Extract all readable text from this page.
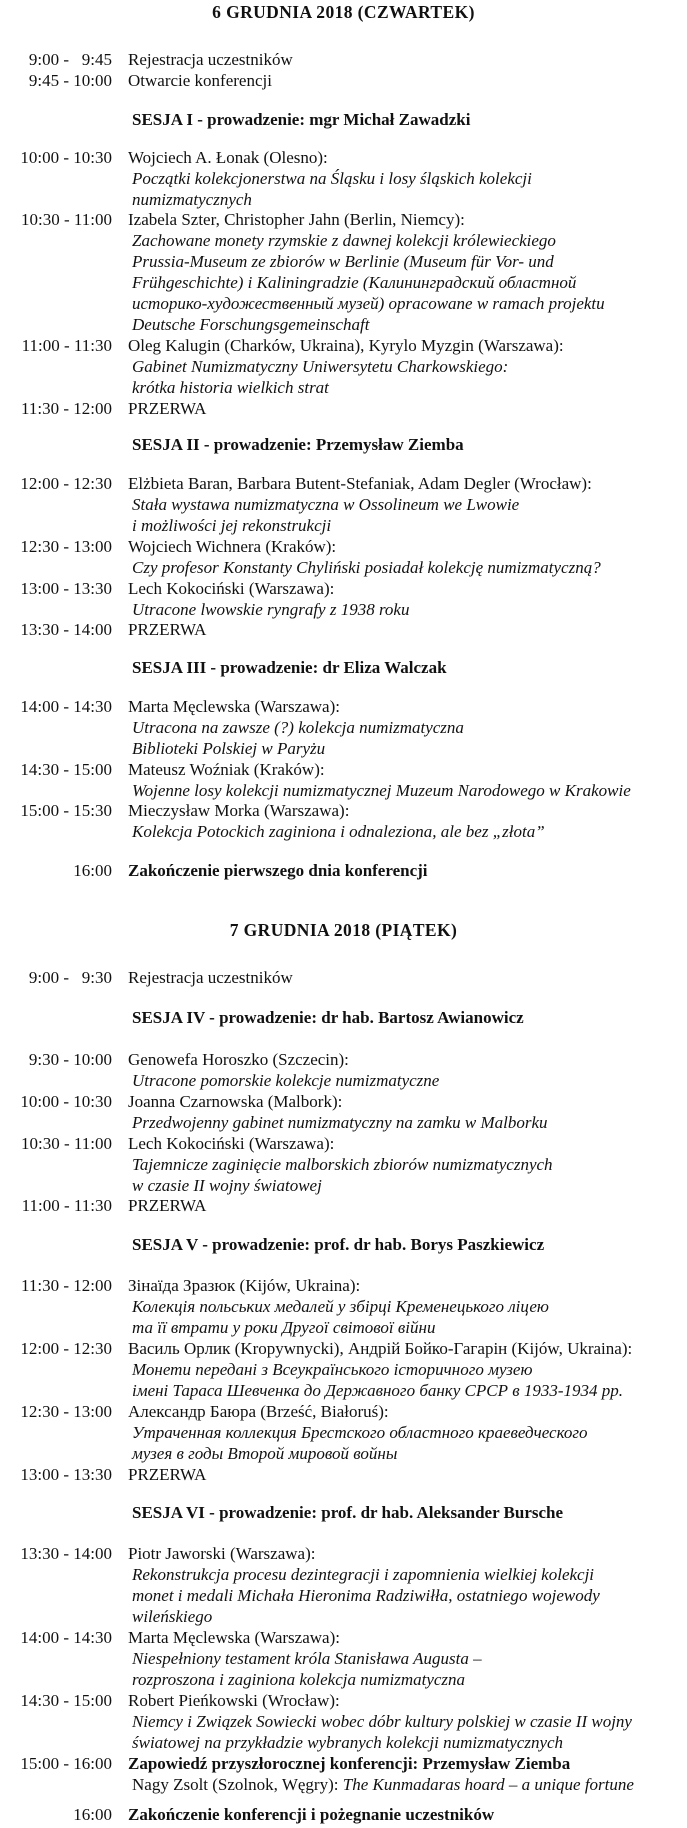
6 GRUDNIA 2018 (CZWARTEK)
9:00 -   9:45 Rejestracja uczestników
9:45 - 10:00 Otwarcie konferencji
SESJA I - prowadzenie: mgr Michał Zawadzki
10:00 - 10:30 Wojciech A. Łonak (Olesno):
Początki kolekcjonerstwa na Śląsku i losy śląskich kolekcji
numizmatycznych
10:30 - 11:00 Izabela Szter, Christopher Jahn (Berlin, Niemcy):
Zachowane monety rzymskie z dawnej kolekcji królewieckiego
Prussia-Museum ze zbiorów w Berlinie (Museum für Vor- und
Frühgeschichte) i Kaliningradzie (Калининградский областной
историко-художественный музей) opracowane w ramach projektu
Deutsche Forschungsgemeinschaft
11:00 - 11:30 Oleg Kalugin (Charków, Ukraina), Kyrylo Myzgin (Warszawa):
Gabinet Numizmatyczny Uniwersytetu Charkowskiego:
krótka historia wielkich strat
11:30 - 12:00 PRZERWA
SESJA II - prowadzenie: Przemysław Ziemba
12:00 - 12:30 Elżbieta Baran, Barbara Butent-Stefaniak, Adam Degler (Wrocław):
Stała wystawa numizmatyczna w Ossolineum we Lwowie
i możliwości jej rekonstrukcji
12:30 - 13:00 Wojciech Wichnera (Kraków):
Czy profesor Konstanty Chyliński posiadał kolekcję numizmatyczną?
13:00 - 13:30 Lech Kokociński (Warszawa):
Utracone lwowskie ryngrafy z 1938 roku
13:30 - 14:00 PRZERWA
SESJA III - prowadzenie: dr Eliza Walczak
14:00 - 14:30 Marta Męclewska (Warszawa):
Utracona na zawsze (?) kolekcja numizmatyczna
Biblioteki Polskiej w Paryżu
14:30 - 15:00 Mateusz Woźniak (Kraków):
Wojenne losy kolekcji numizmatycznej Muzeum Narodowego w Krakowie
15:00 - 15:30 Mieczysław Morka (Warszawa):
Kolekcja Potockich zaginiona i odnaleziona, ale bez „złota”
16:00 Zakończenie pierwszego dnia konferencji
7 GRUDNIA 2018 (PIĄTEK)
9:00 -   9:30 Rejestracja uczestników
SESJA IV - prowadzenie: dr hab. Bartosz Awianowicz
9:30 - 10:00 Genowefa Horoszko (Szczecin):
Utracone pomorskie kolekcje numizmatyczne
10:00 - 10:30 Joanna Czarnowska (Malbork):
Przedwojenny gabinet numizmatyczny na zamku w Malborku
10:30 - 11:00 Lech Kokociński (Warszawa):
Tajemnicze zaginięcie malborskich zbiorów numizmatycznych
w czasie II wojny światowej
11:00 - 11:30 PRZERWA
SESJA V - prowadzenie: prof. dr hab. Borys Paszkiewicz
11:30 - 12:00 Зінаїда Зразюк (Kijów, Ukraina):
Колекція польських медалей у збірці Кременецького ліцею
та її втрати у роки Другої світової війни
12:00 - 12:30 Василь Орлик (Kropywnycki), Андрій Бойко-Гагарін (Kijów, Ukraina):
Монети передані з Всеукраїнського історичного музею
імені Тараса Шевченка до Державного банку СРСР в 1933-1934 рр.
12:30 - 13:00 Александр Баюра (Brześć, Białoruś):
Утраченная коллекция Брестского областного краеведческого
музея в годы Второй мировой войны
13:00 - 13:30 PRZERWA
SESJA VI - prowadzenie: prof. dr hab. Aleksander Bursche
13:30 - 14:00 Piotr Jaworski (Warszawa):
Rekonstrukcja procesu dezintegracji i zapomnienia wielkiej kolekcji
monet i medali Michała Hieronima Radziwiłła, ostatniego wojewody
wileńskiego
14:00 - 14:30 Marta Męclewska (Warszawa):
Niespełniony testament króla Stanisława Augusta –
rozproszona i zaginiona kolekcja numizmatyczna
14:30 - 15:00 Robert Pieńkowski (Wrocław):
Niemcy i Związek Sowiecki wobec dóbr kultury polskiej w czasie II wojny
światowej na przykładzie wybranych kolekcji numizmatycznych
15:00 - 16:00 Zapowiedź przyszłorocznej konferencji: Przemysław Ziemba
Nagy Zsolt (Szolnok, Węgry): The Kunmadaras hoard – a unique fortune
16:00 Zakończenie konferencji i pożegnanie uczestników
